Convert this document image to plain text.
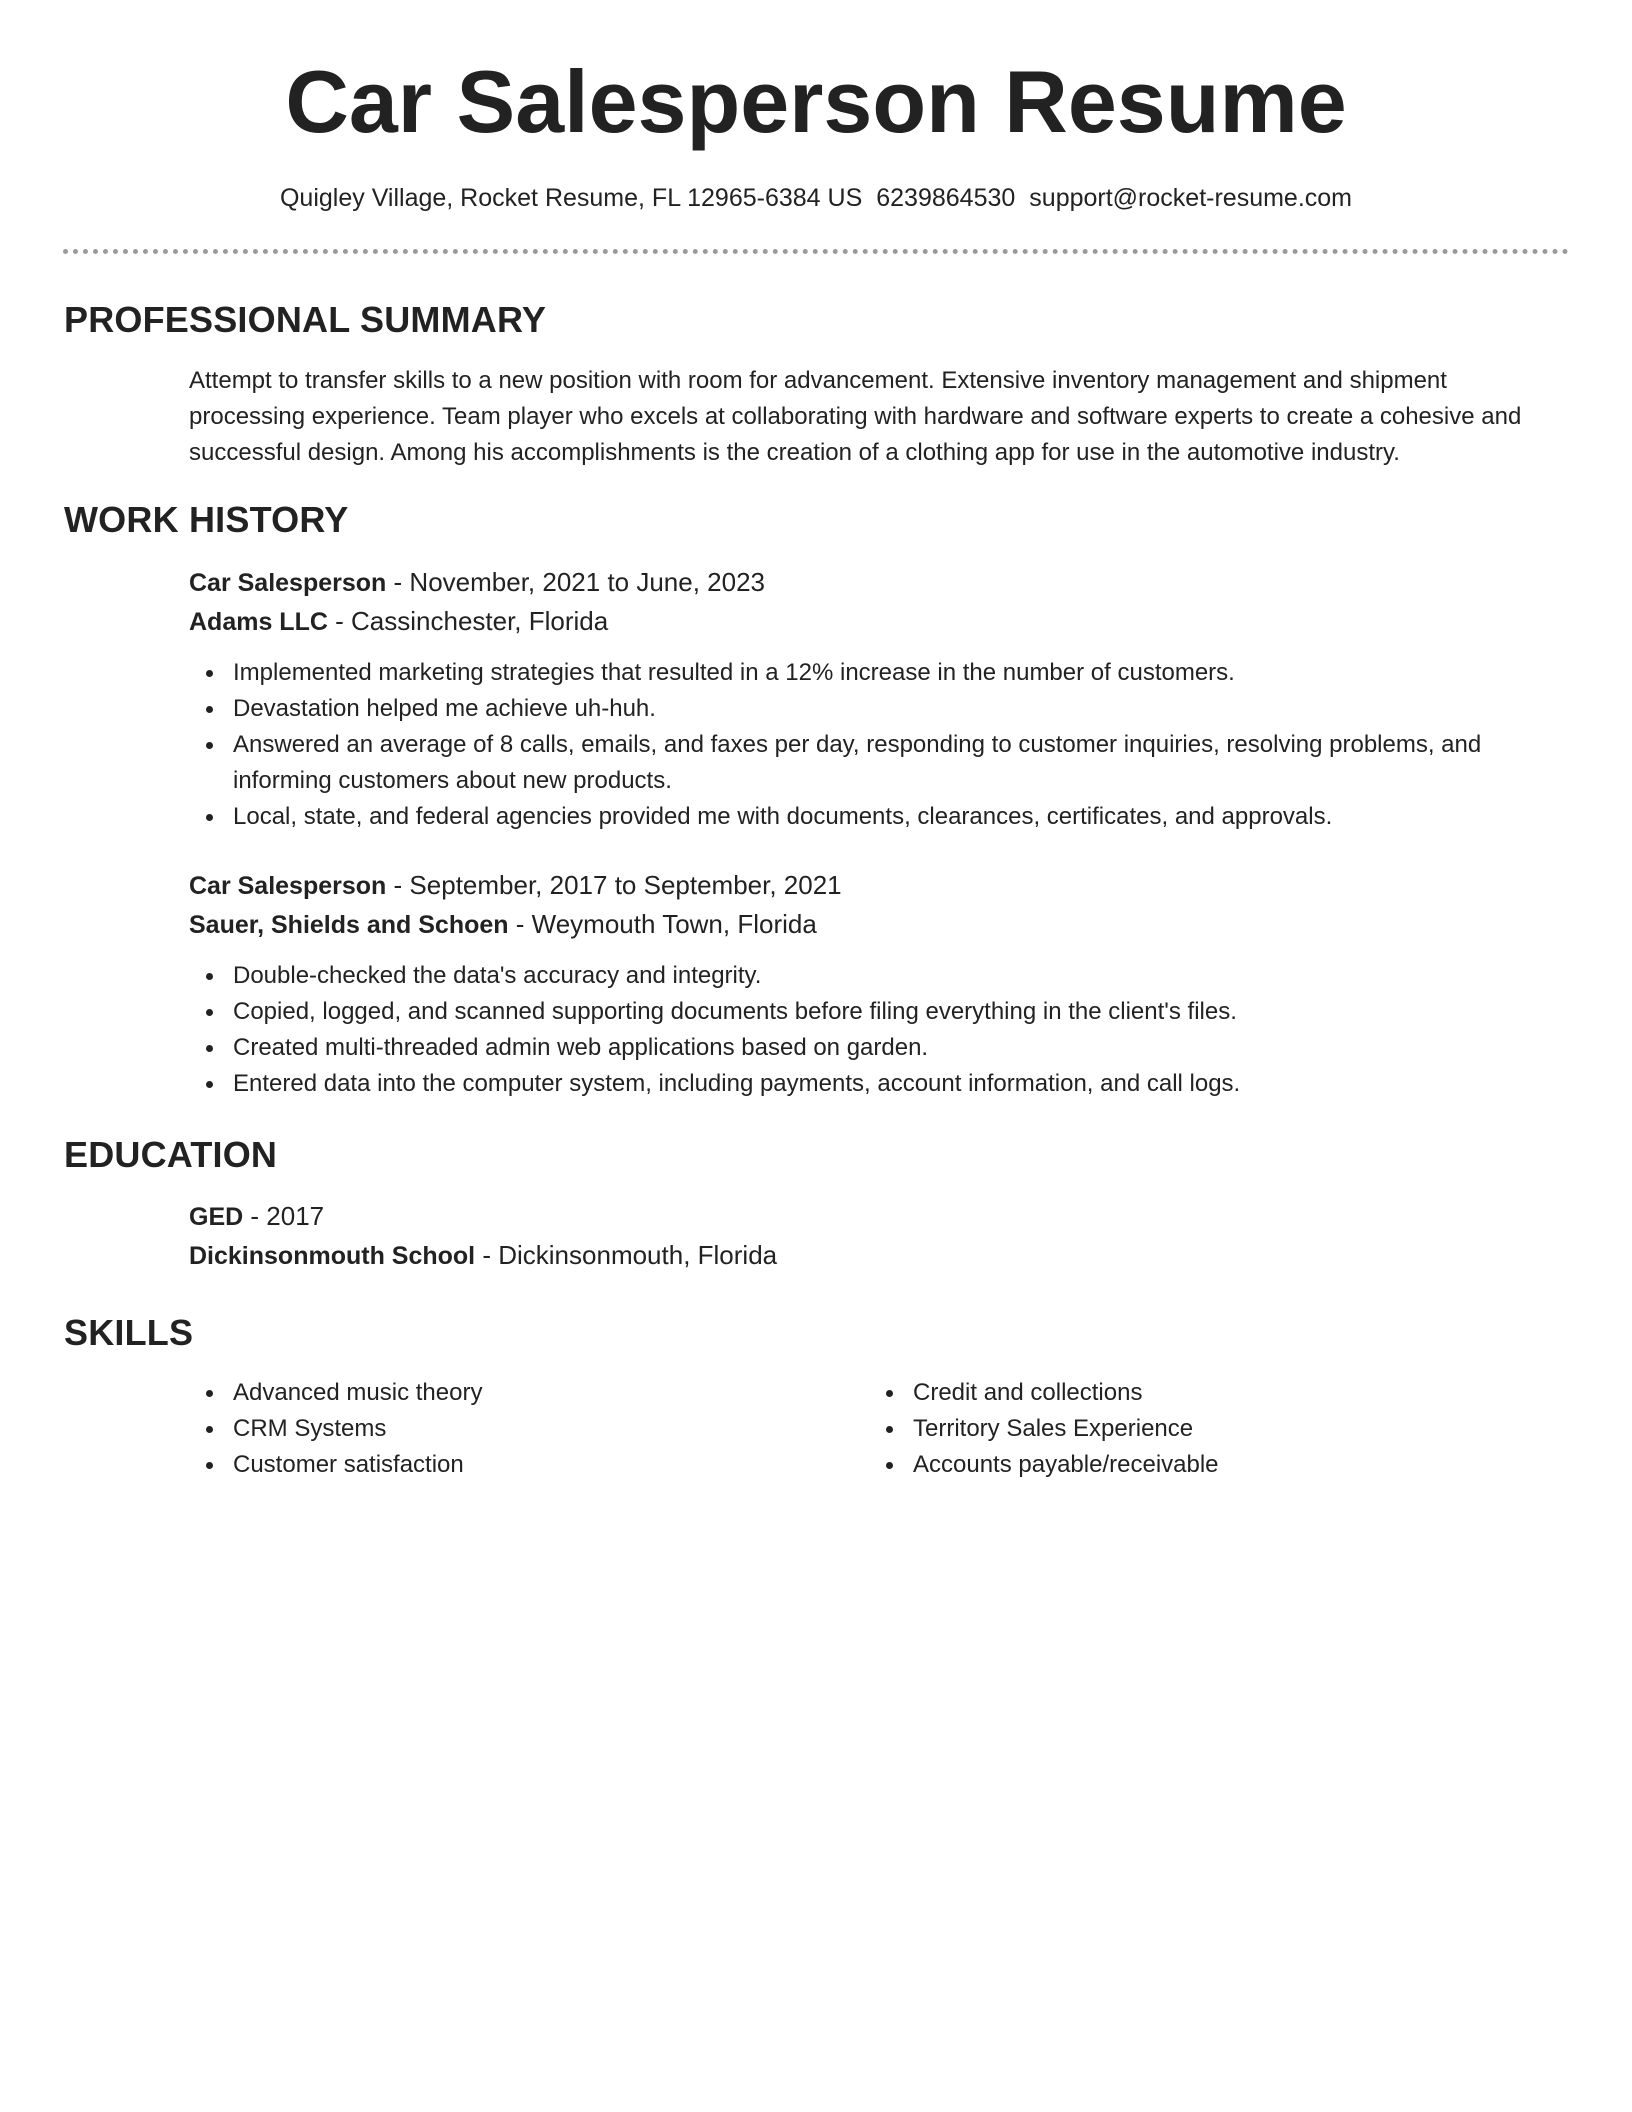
Car Salesperson Resume
Quigley Village, Rocket Resume, FL 12965-6384 US 6239864530 support@rocket-resume.com
PROFESSIONAL SUMMARY

Attempt to transfer skills to a new position with room for advancement. Extensive inventory management and shipment processing experience. Team player who excels at collaborating with hardware and software experts to create a cohesive and successful design. Among his accomplishments is the creation of a clothing app for use in the automotive industry.

WORK HISTORY

Car Salesperson - November, 2021 to June, 2023

Adams LLC - Cassinchester, Florida

Implemented marketing strategies that resulted in a 12% increase in the number of customers.
Devastation helped me achieve uh-huh.
Answered an average of 8 calls, emails, and faxes per day, responding to customer inquiries, resolving problems, and informing customers about new products.
Local, state, and federal agencies provided me with documents, clearances, certificates, and approvals.

Car Salesperson - September, 2017 to September, 2021

Sauer, Shields and Schoen - Weymouth Town, Florida

Double-checked the data's accuracy and integrity.
Copied, logged, and scanned supporting documents before filing everything in the client's files.
Created multi-threaded admin web applications based on garden.
Entered data into the computer system, including payments, account information, and call logs.
EDUCATION

GED - 2017

Dickinsonmouth School - Dickinsonmouth, Florida

SKILLS
Advanced music theory
CRM Systems
Customer satisfaction
Credit and collections
Territory Sales Experience
Accounts payable/receivable
